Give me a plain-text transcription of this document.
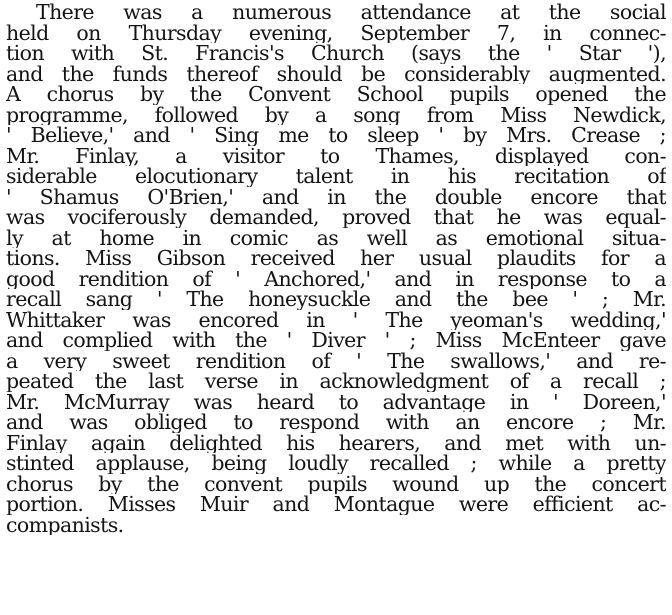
There was a numerous attendance at the social
held on Thursday evening, September 7, in connec-
tion with St. Francis's Church (says the ' Star '),
and the funds thereof should be considerably augmented.
A chorus by the Convent School pupils opened the
programme, followed by a song from Miss Newdick,
' Believe,' and ' Sing me to sleep ' by Mrs. Crease ;
Mr. Finlay, a visitor to Thames, displayed con-
siderable elocutionary talent in his recitation of
' Shamus O'Brien,' and in the double encore that
was vociferously demanded, proved that he was equal-
ly at home in comic as well as emotional situa-
tions. Miss Gibson received her usual plaudits for a
good rendition of ' Anchored,' and in response to a
recall sang ' The honeysuckle and the bee ' ; Mr.
Whittaker was encored in ' The yeoman's wedding,'
and complied with the ' Diver ' ; Miss McEnteer gave
a very sweet rendition of ' The swallows,' and re-
peated the last verse in acknowledgment of a recall ;
Mr. McMurray was heard to advantage in ' Doreen,'
and was obliged to respond with an encore ; Mr.
Finlay again delighted his hearers, and met with un-
stinted applause, being loudly recalled ; while a pretty
chorus by the convent pupils wound up the concert
portion. Misses Muir and Montague were efficient ac-
companists.
